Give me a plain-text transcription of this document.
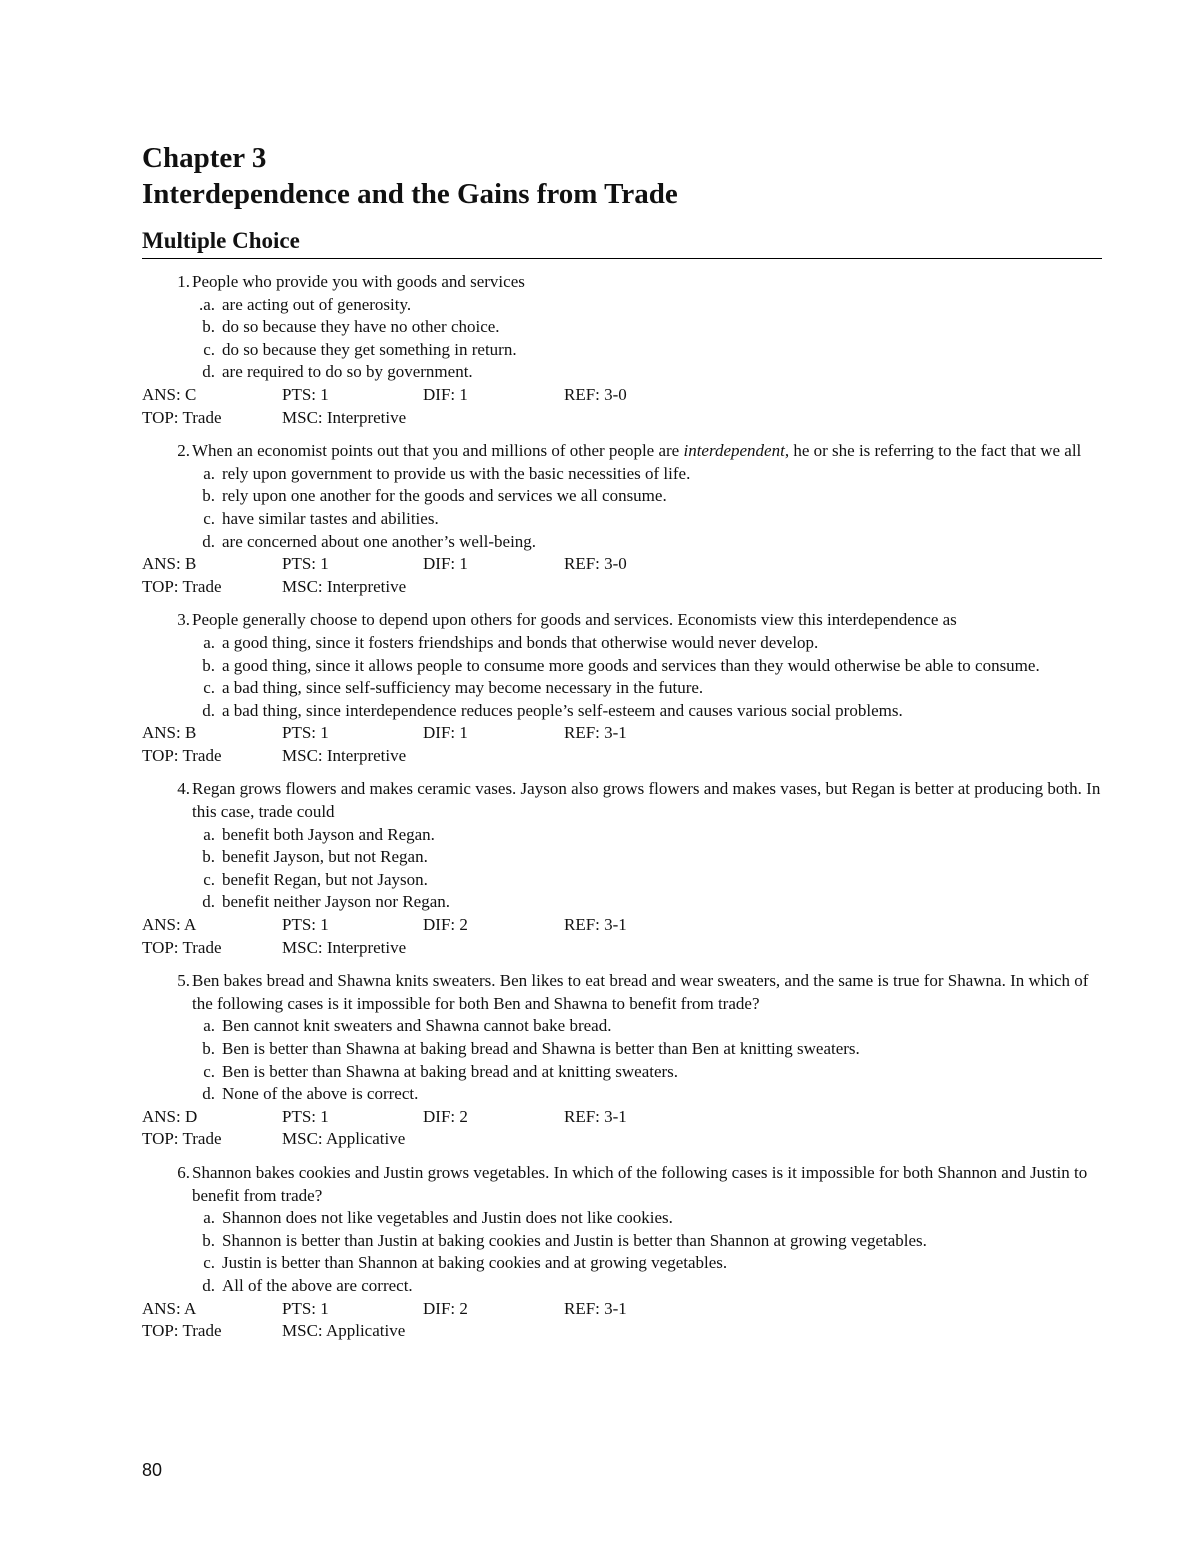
Chapter 3
Interdependence and the Gains from Trade
Multiple Choice
1. People who provide you with goods and services
.a. are acting out of generosity.
b. do so because they have no other choice.
c. do so because they get something in return.
d. are required to do so by government.
ANS: C	PTS: 1	DIF: 1	REF: 3-0
TOP: Trade	MSC: Interpretive
2. When an economist points out that you and millions of other people are interdependent, he or she is referring to the fact that we all
a. rely upon government to provide us with the basic necessities of life.
b. rely upon one another for the goods and services we all consume.
c. have similar tastes and abilities.
d. are concerned about one another’s well-being.
ANS: B	PTS: 1	DIF: 1	REF: 3-0
TOP: Trade	MSC: Interpretive
3. People generally choose to depend upon others for goods and services. Economists view this interdependence as
a. a good thing, since it fosters friendships and bonds that otherwise would never develop.
b. a good thing, since it allows people to consume more goods and services than they would otherwise be able to consume.
c. a bad thing, since self-sufficiency may become necessary in the future.
d. a bad thing, since interdependence reduces people’s self-esteem and causes various social problems.
ANS: B	PTS: 1	DIF: 1	REF: 3-1
TOP: Trade	MSC: Interpretive
4. Regan grows flowers and makes ceramic vases. Jayson also grows flowers and makes vases, but Regan is better at producing both. In this case, trade could
a. benefit both Jayson and Regan.
b. benefit Jayson, but not Regan.
c. benefit Regan, but not Jayson.
d. benefit neither Jayson nor Regan.
ANS: A	PTS: 1	DIF: 2	REF: 3-1
TOP: Trade	MSC: Interpretive
5. Ben bakes bread and Shawna knits sweaters. Ben likes to eat bread and wear sweaters, and the same is true for Shawna. In which of the following cases is it impossible for both Ben and Shawna to benefit from trade?
a. Ben cannot knit sweaters and Shawna cannot bake bread.
b. Ben is better than Shawna at baking bread and Shawna is better than Ben at knitting sweaters.
c. Ben is better than Shawna at baking bread and at knitting sweaters.
d. None of the above is correct.
ANS: D	PTS: 1	DIF: 2	REF: 3-1
TOP: Trade	MSC: Applicative
6. Shannon bakes cookies and Justin grows vegetables. In which of the following cases is it impossible for both Shannon and Justin to benefit from trade?
a. Shannon does not like vegetables and Justin does not like cookies.
b. Shannon is better than Justin at baking cookies and Justin is better than Shannon at growing vegetables.
c. Justin is better than Shannon at baking cookies and at growing vegetables.
d. All of the above are correct.
ANS: A	PTS: 1	DIF: 2	REF: 3-1
TOP: Trade	MSC: Applicative
80
